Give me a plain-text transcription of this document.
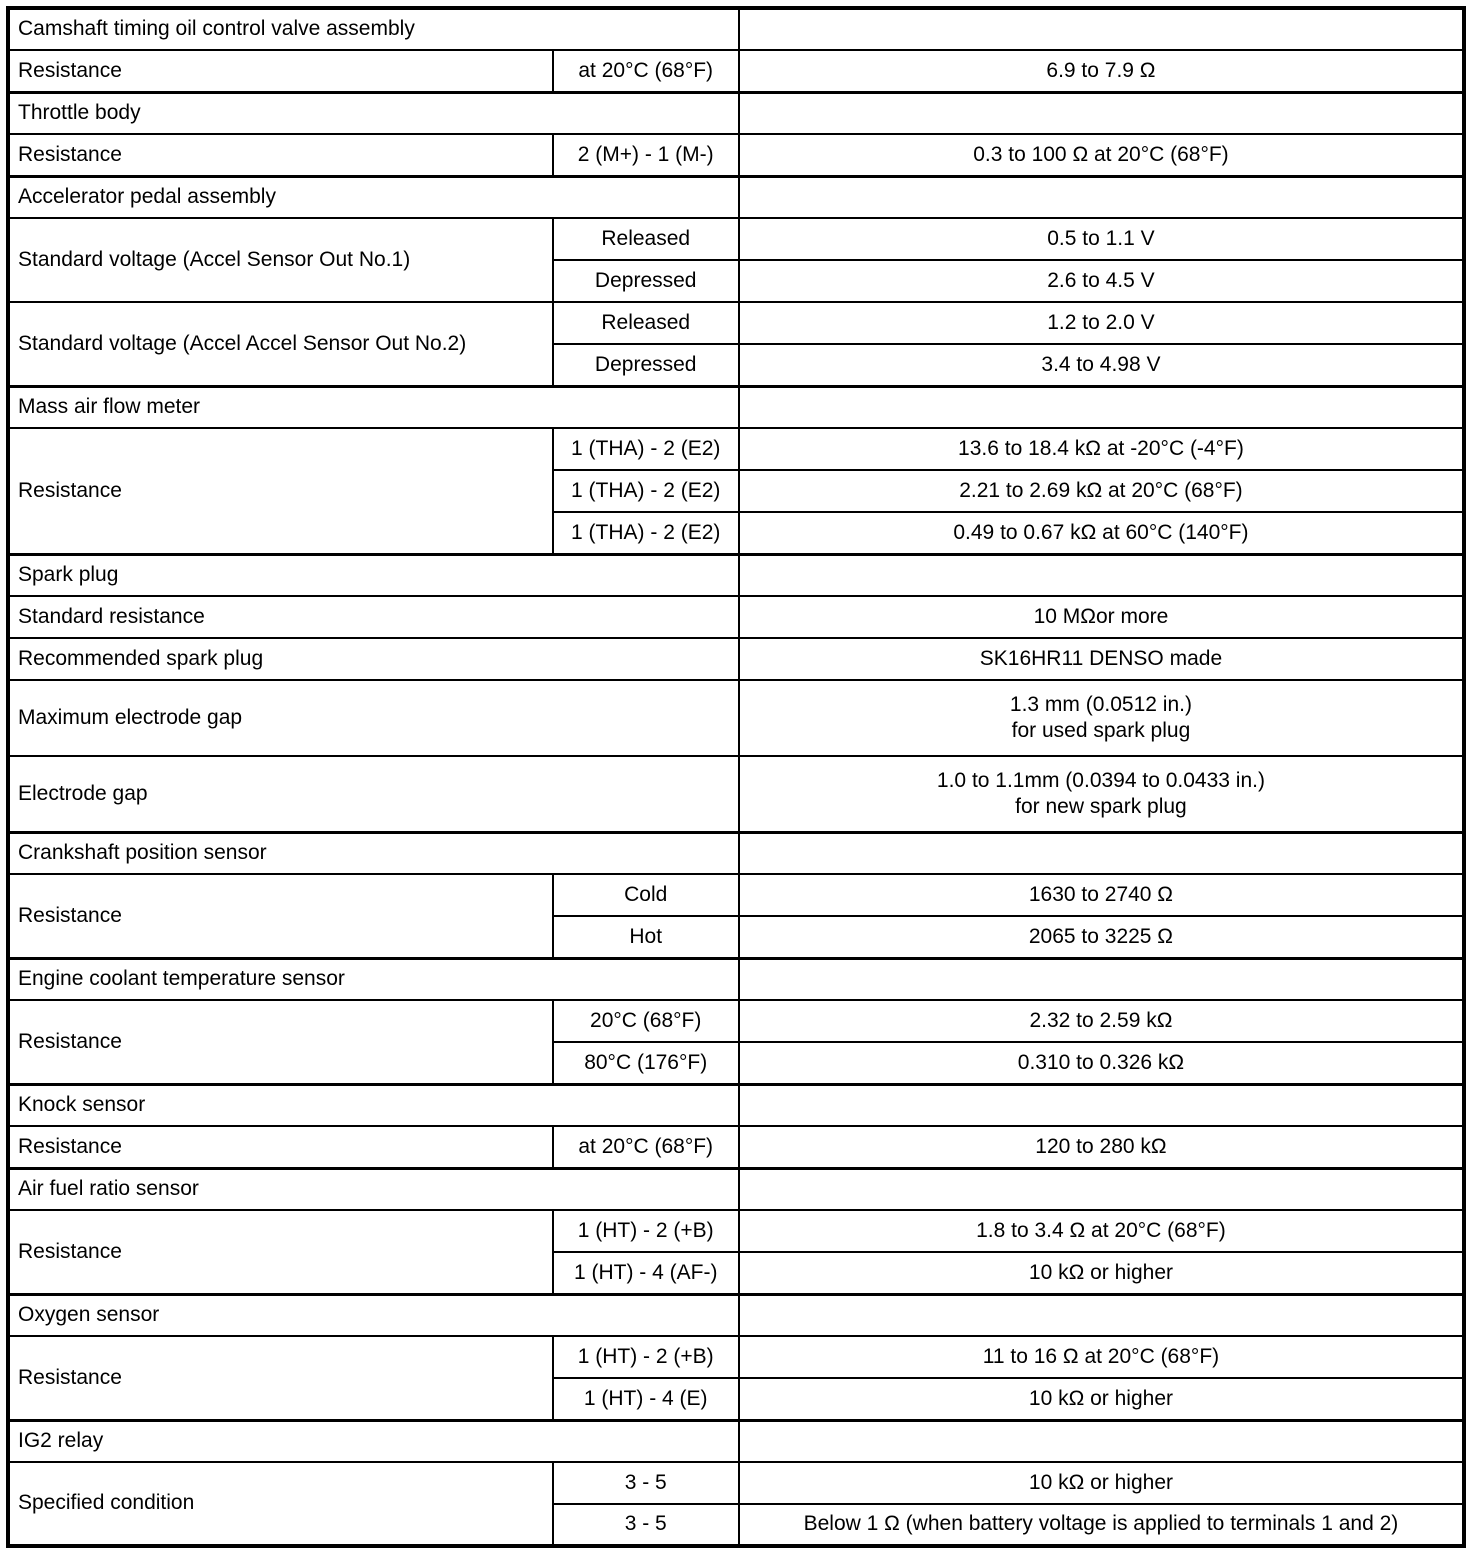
Camshaft timing oil control valve assembly		
Resistance	at 20°C (68°F)	6.9 to 7.9 Ω
Throttle body		
Resistance	2 (M+) - 1 (M-)	0.3 to 100 Ω at 20°C (68°F)
Accelerator pedal assembly		
Standard voltage (Accel Sensor Out No.1)	Released	0.5 to 1.1 V
	Depressed	2.6 to 4.5 V
Standard voltage (Accel Accel Sensor Out No.2)	Released	1.2 to 2.0 V
	Depressed	3.4 to 4.98 V
Mass air flow meter		
Resistance	1 (THA) - 2 (E2)	13.6 to 18.4 kΩ at -20°C (-4°F)
	1 (THA) - 2 (E2)	2.21 to 2.69 kΩ at 20°C (68°F)
	1 (THA) - 2 (E2)	0.49 to 0.67 kΩ at 60°C (140°F)
Spark plug		
Standard resistance		10 MΩor more
Recommended spark plug		SK16HR11 DENSO made
Maximum electrode gap		1.3 mm (0.0512 in.)
for used spark plug
Electrode gap		1.0 to 1.1mm (0.0394 to 0.0433 in.)
for new spark plug
Crankshaft position sensor		
Resistance	Cold	1630 to 2740 Ω
	Hot	2065 to 3225 Ω
Engine coolant temperature sensor		
Resistance	20°C (68°F)	2.32 to 2.59 kΩ
	80°C (176°F)	0.310 to 0.326 kΩ
Knock sensor		
Resistance	at 20°C (68°F)	120 to 280 kΩ
Air fuel ratio sensor		
Resistance	1 (HT) - 2 (+B)	1.8 to 3.4 Ω at 20°C (68°F)
	1 (HT) - 4 (AF-)	10 kΩ or higher
Oxygen sensor		
Resistance	1 (HT) - 2 (+B)	11 to 16 Ω at 20°C (68°F)
	1 (HT) - 4 (E)	10 kΩ or higher
IG2 relay		
Specified condition	3 - 5	10 kΩ or higher
	3 - 5	Below 1 Ω (when battery voltage is applied to terminals 1 and 2)
